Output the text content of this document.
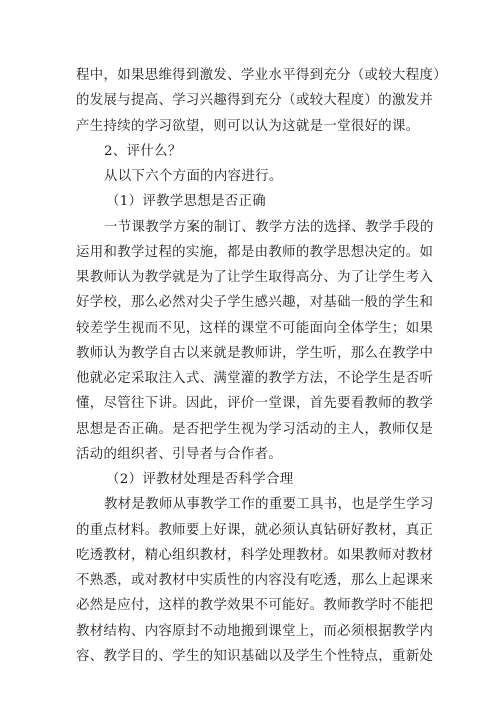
程中，如果思维得到激发、学业水平得到充分（或较大程度）
的发展与提高、学习兴趣得到充分（或较大程度）的激发并
产生持续的学习欲望，则可以认为这就是一堂很好的课。
2、评什么？
从以下六个方面的内容进行。
（1）评教学思想是否正确
一节课教学方案的制订、教学方法的选择、教学手段的
运用和教学过程的实施，都是由教师的教学思想决定的。如
果教师认为教学就是为了让学生取得高分、为了让学生考入
好学校，那么必然对尖子学生感兴趣，对基础一般的学生和
较差学生视而不见，这样的课堂不可能面向全体学生；如果
教师认为教学自古以来就是教师讲，学生听，那么在教学中
他就必定采取注入式、满堂灌的教学方法，不论学生是否听
懂，尽管往下讲。因此，评价一堂课，首先要看教师的教学
思想是否正确。是否把学生视为学习活动的主人，教师仅是
活动的组织者、引导者与合作者。
（2）评教材处理是否科学合理
教材是教师从事教学工作的重要工具书，也是学生学习
的重点材料。教师要上好课，就必须认真钻研好教材，真正
吃透教材，精心组织教材，科学处理教材。如果教师对教材
不熟悉，或对教材中实质性的内容没有吃透，那么上起课来
必然是应付，这样的教学效果不可能好。教师教学时不能把
教材结构、内容原封不动地搬到课堂上，而必须根据教学内
容、教学目的、学生的知识基础以及学生个性特点，重新处
